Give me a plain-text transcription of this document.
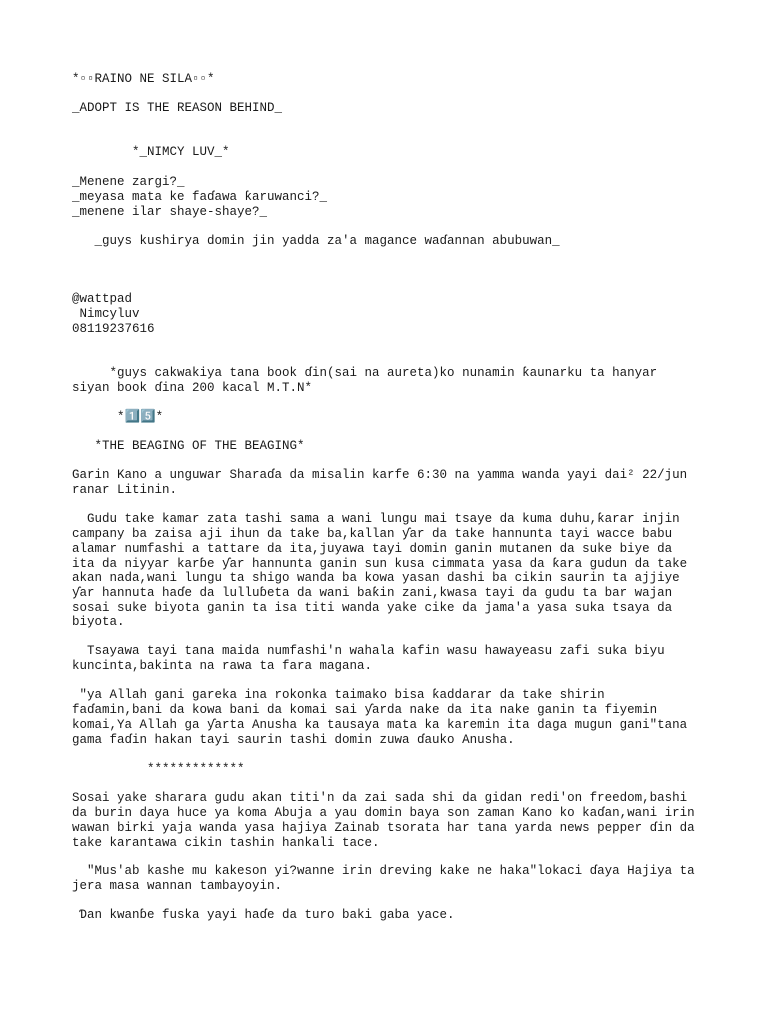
*▫▫RAINO NE SILA▫▫*
_ADOPT IS THE REASON BEHIND_
*_NIMCY LUV_*
_Menene zargi?_
_meyasa mata ke faɗawa ƙaruwanci?_
_menene ilar shaye-shaye?_
_guys kushirya domin jin yadda za'a magance waɗannan abubuwan_
@wattpad
Nimcyluv
08119237616
*guys cakwakiya tana book ɗin(sai na aureta)ko nunamin ƙaunarku ta hanyar
siyan book ɗina 200 kacal M.T.N*
*1️⃣5️⃣*
*THE BEAGING OF THE BEAGING*
Garin Kano a unguwar Sharaɗa da misalin karfe 6:30 na yamma wanda yayi dai² 22/jun
ranar Litinin.
Gudu take kamar zata tashi sama a wani lungu mai tsaye da kuma duhu,ƙarar injin
campany ba zaisa aji ihun da take ba,kallan ƴar da take hannunta tayi wacce babu
alamar numfashi a tattare da ita,juyawa tayi domin ganin mutanen da suke biye da
ita da niyyar karɓe ƴar hannunta ganin sun kusa cimmata yasa da ƙara gudun da take
akan nada,wani lungu ta shigo wanda ba kowa yasan dashi ba cikin saurin ta ajjiye
ƴar hannuta haɗe da lulluɓeta da wani baƙin zani,kwasa tayi da gudu ta bar wajan
sosai suke biyota ganin ta isa titi wanda yake cike da jama'a yasa suka tsaya da
biyota.
Tsayawa tayi tana maida numfashi'n wahala kafin wasu hawayeasu zafi suka biyu
kuncinta,bakinta na rawa ta fara magana.
"ya Allah gani gareka ina rokonka taimako bisa ƙaddarar da take shirin
faɗamin,bani da kowa bani da komai sai ƴarda nake da ita nake ganin ta fiyemin
komai,Ya Allah ga ƴarta Anusha ka tausaya mata ka karemin ita daga mugun gani"tana
gama faɗin hakan tayi saurin tashi domin zuwa ɗauko Anusha.
*************
Sosai yake sharara gudu akan titi'n da zai sada shi da gidan redi'on freedom,bashi
da burin daya huce ya koma Abuja a yau domin baya son zaman Kano ko kaɗan,wani irin
wawan birki yaja wanda yasa hajiya Zainab tsorata har tana yarda news pepper ɗin da
take karantawa cikin tashin hankali tace.
"Mus'ab kashe mu kakeson yi?wanne irin dreving kake ne haka"lokaci ɗaya Hajiya ta
jera masa wannan tambayoyin.
Ɗan kwanɓe fuska yayi haɗe da turo baki gaba yace.
